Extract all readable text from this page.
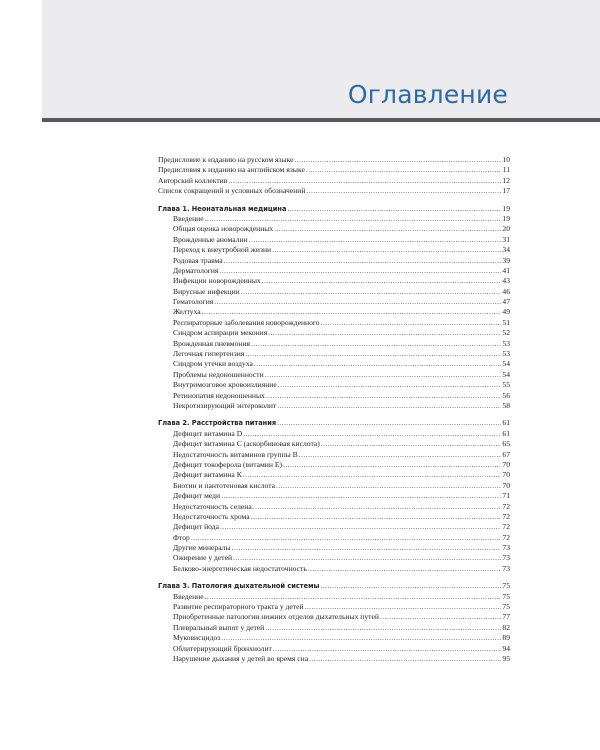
Оглавление
Предисловие к изданию на русском языке .....	10
Предисловия к изданию на английском языке .....	11
Авторский коллектив .....	12
Список сокращений и условных обозначений .....	17
Глава 1. Неонатальная медицина .....	19
Введение .....	19
Общая оценка новорожденных .....	20
Врожденные аномалии .....	31
Переход к внеутробной жизни .....	34
Родовая травма .....	39
Дерматология .....	41
Инфекции новорожденных .....	43
Вирусные инфекции .....	46
Гематология .....	47
Желтуха .....	49
Респираторные заболевания новорожденного .....	51
Синдром аспирации мекония .....	52
Врожденная пневмония .....	53
Легочная гипертензия .....	53
Синдром утечки воздуха .....	54
Проблемы недоношенности .....	54
Внутримозговое кровоизлияние .....	55
Ретинопатия недоношенных .....	56
Некротизирующий энтероколит .....	58
Глава 2. Расстройства питания .....	61
Дефицит витамина D .....	61
Дефицит витамина С (аскорбиновая кислота) .....	65
Недостаточность витаминов группы В .....	67
Дефицит токоферола (витамин Е) .....	70
Дефицит витамина К .....	70
Биотин и пантотеновая кислота .....	70
Дефицит меди .....	71
Недостаточность селена .....	72
Недостаточность хрома .....	72
Дефицит йода .....	72
Фтор .....	72
Другие минералы .....	73
Ожирение у детей .....	73
Белково-энергетическая недостаточность .....	73
Глава 3. Патология дыхательной системы .....	75
Введение .....	75
Развитие респираторного тракта у детей .....	75
Приобретенные патологии нижних отделов дыхательных путей .....	77
Плевральный выпот у детей .....	82
Муковисцидоз .....	89
Облитерирующий бронхиолит .....	94
Нарушение дыхания у детей во время сна .....	95
